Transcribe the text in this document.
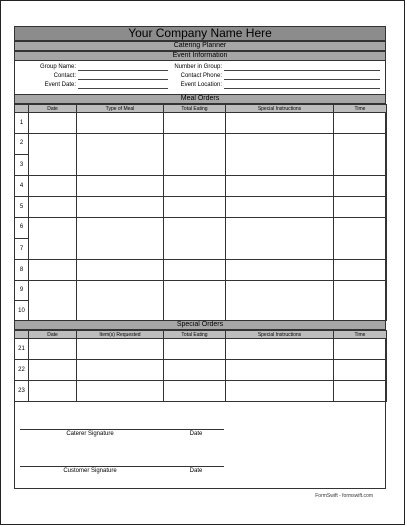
Your Company Name Here
Catering Planner
Event Information
Group Name:
Contact:
Event Date:
Number in Group:
Contact Phone:
Event Location:
Meal Orders
	Date	Type of Meal	Total Eating	Special Instructions	Time
1					
2					
3					
4					
5					
6					
7					
8					
9					
10					
Special Orders
	Date	Item(s) Requested	Total Eating	Special Instructions	Time
21					
22					
23					
Caterer Signature	Date
Customer Signature	Date
FormSwift - formswift.com
